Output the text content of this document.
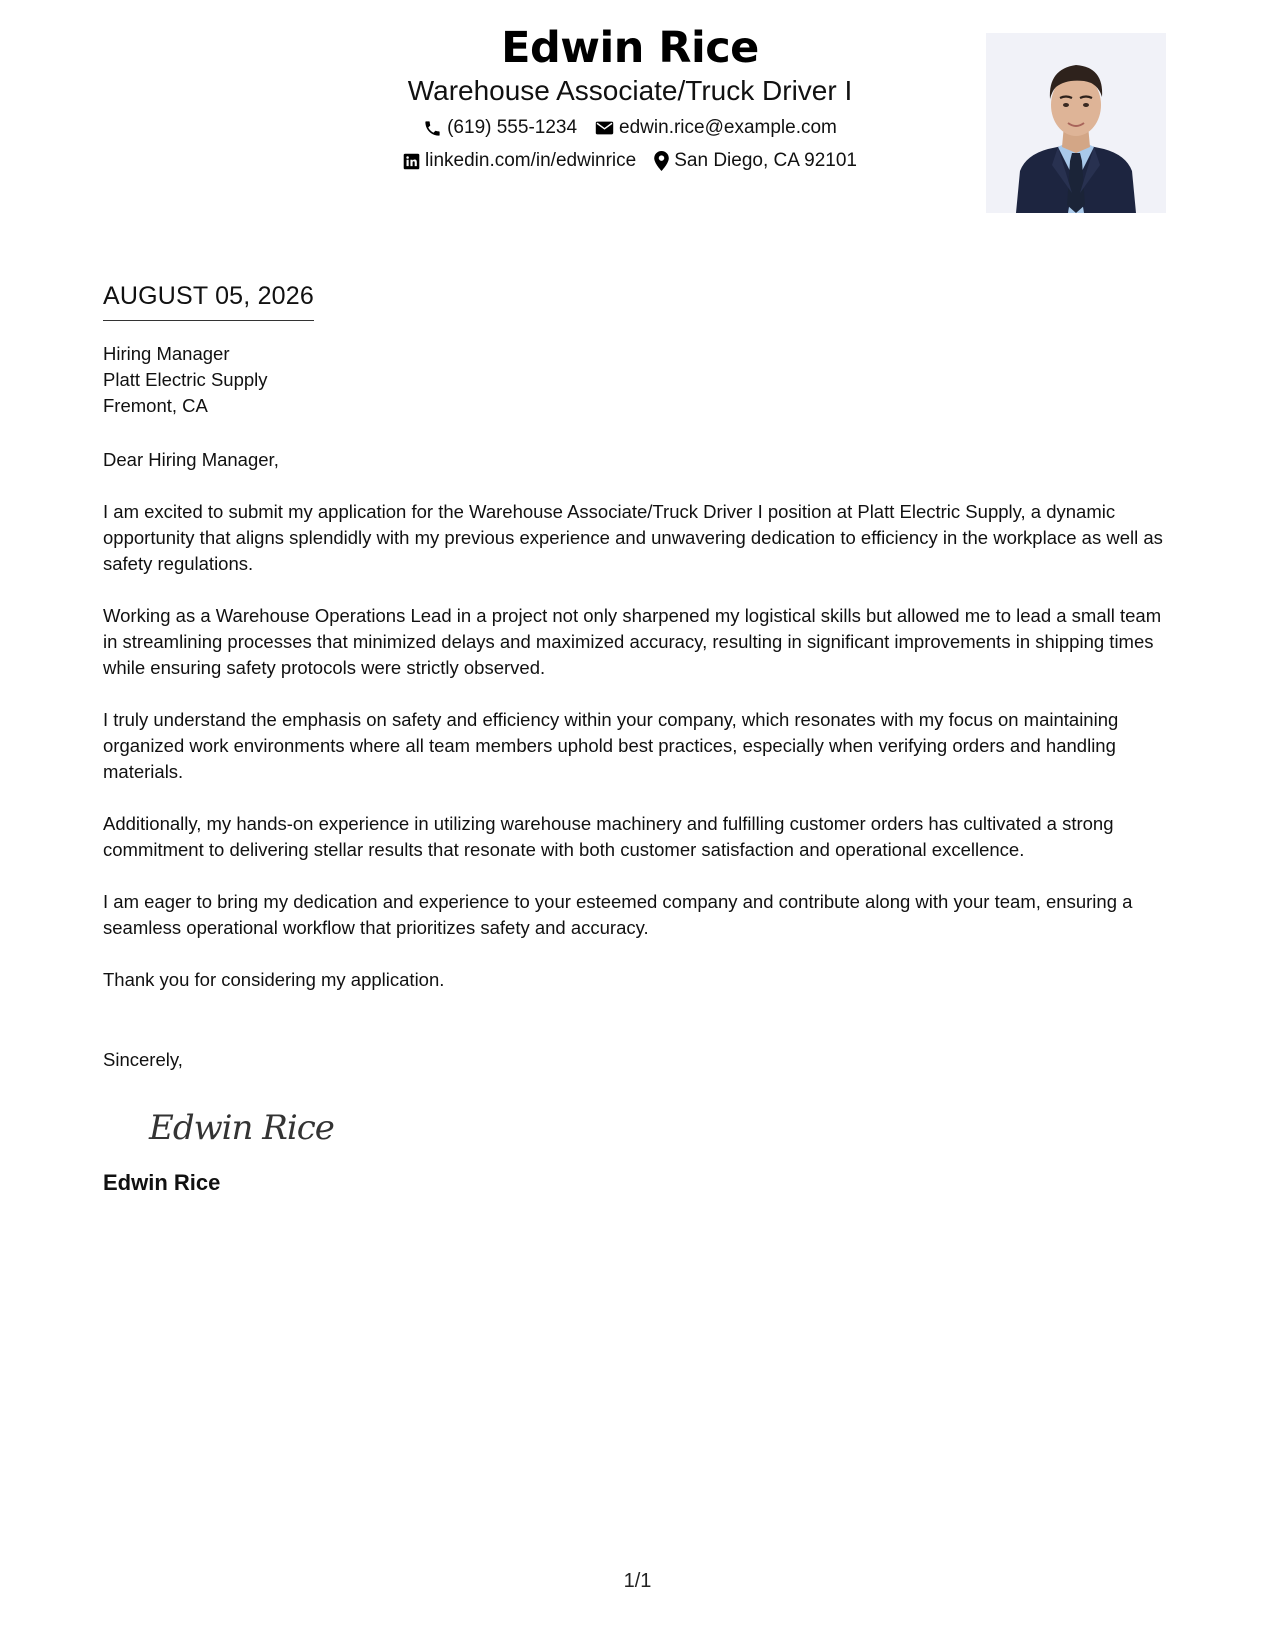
Edwin Rice
Warehouse Associate/Truck Driver I
(619) 555-1234 edwin.rice@example.com
linkedin.com/in/edwinrice San Diego, CA 92101
AUGUST 05, 2026
Hiring Manager
Platt Electric Supply
Fremont, CA
Dear Hiring Manager,
I am excited to submit my application for the Warehouse Associate/Truck Driver I position at Platt Electric Supply, a dynamic opportunity that aligns splendidly with my previous experience and unwavering dedication to efficiency in the workplace as well as safety regulations.
Working as a Warehouse Operations Lead in a project not only sharpened my logistical skills but allowed me to lead a small team in streamlining processes that minimized delays and maximized accuracy, resulting in significant improvements in shipping times while ensuring safety protocols were strictly observed.
I truly understand the emphasis on safety and efficiency within your company, which resonates with my focus on maintaining organized work environments where all team members uphold best practices, especially when verifying orders and handling materials.
Additionally, my hands-on experience in utilizing warehouse machinery and fulfilling customer orders has cultivated a strong commitment to delivering stellar results that resonate with both customer satisfaction and operational excellence.
I am eager to bring my dedication and experience to your esteemed company and contribute along with your team, ensuring a seamless operational workflow that prioritizes safety and accuracy.
Thank you for considering my application.
Sincerely,
Edwin Rice
Edwin Rice
1/1
